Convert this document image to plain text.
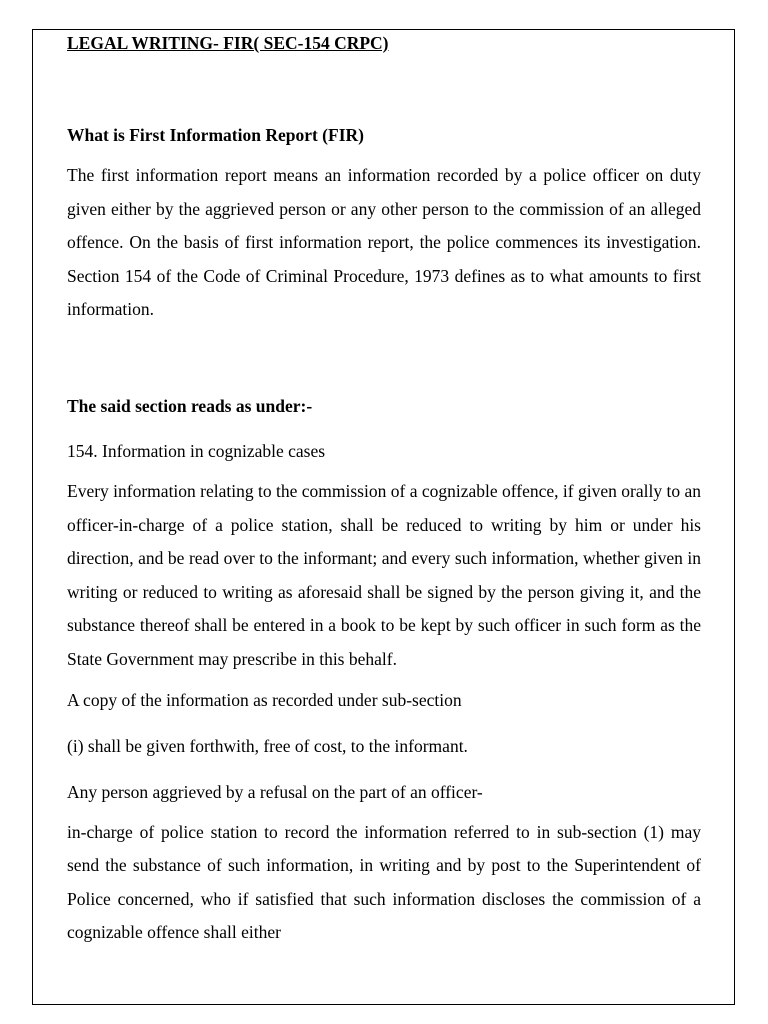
LEGAL WRITING- FIR( SEC-154 CRPC)

What is First Information Report (FIR)

The first information report means an information recorded by a police officer on duty given either by the aggrieved person or any other person to the commission of an alleged offence. On the basis of first information report, the police commences its investigation. Section 154 of the Code of Criminal Procedure, 1973 defines as to what amounts to first information.

The said section reads as under:-

154. Information in cognizable cases

Every information relating to the commission of a cognizable offence, if given orally to an officer-in-charge of a police station, shall be reduced to writing by him or under his direction, and be read over to the informant; and every such information, whether given in writing or reduced to writing as aforesaid shall be signed by the person giving it, and the substance thereof shall be entered in a book to be kept by such officer in such form as the State Government may prescribe in this behalf.

A copy of the information as recorded under sub-section

(i) shall be given forthwith, free of cost, to the informant.

Any person aggrieved by a refusal on the part of an officer-

in-charge of police station to record the information referred to in sub-section (1) may send the substance of such information, in writing and by post to the Superintendent of Police concerned, who if satisfied that such information discloses the commission of a cognizable offence shall either
